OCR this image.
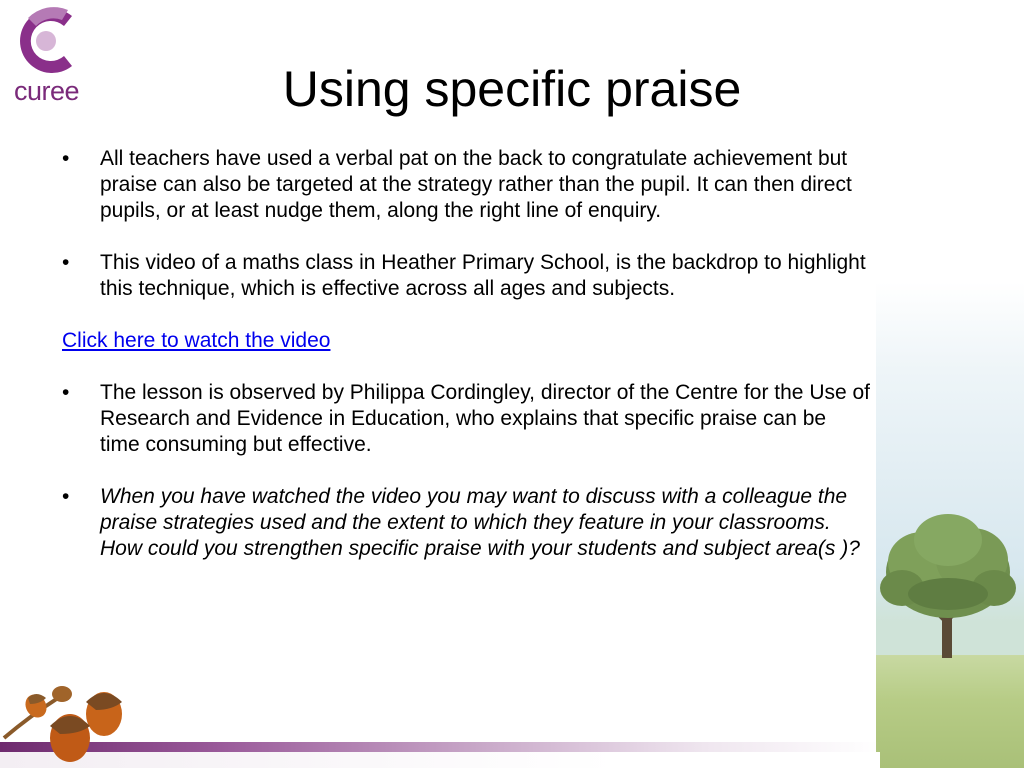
curee	Using specific praise
• All teachers have used a verbal pat on the back to congratulate achievement but praise can also be targeted at the strategy rather than the pupil. It can then direct pupils, or at least nudge them, along the right line of enquiry.
• This video of a maths class in Heather Primary School, is the backdrop to highlight this technique, which is effective across all ages and subjects.
Click here to watch the video
• The lesson is observed by Philippa Cordingley, director of the Centre for the Use of Research and Evidence in Education, who explains that specific praise can be time consuming but effective.
• When you have watched the video you may want to discuss with a colleague the praise strategies used and the extent to which they feature in your classrooms. How could you strengthen specific praise with your students and subject area(s )?
